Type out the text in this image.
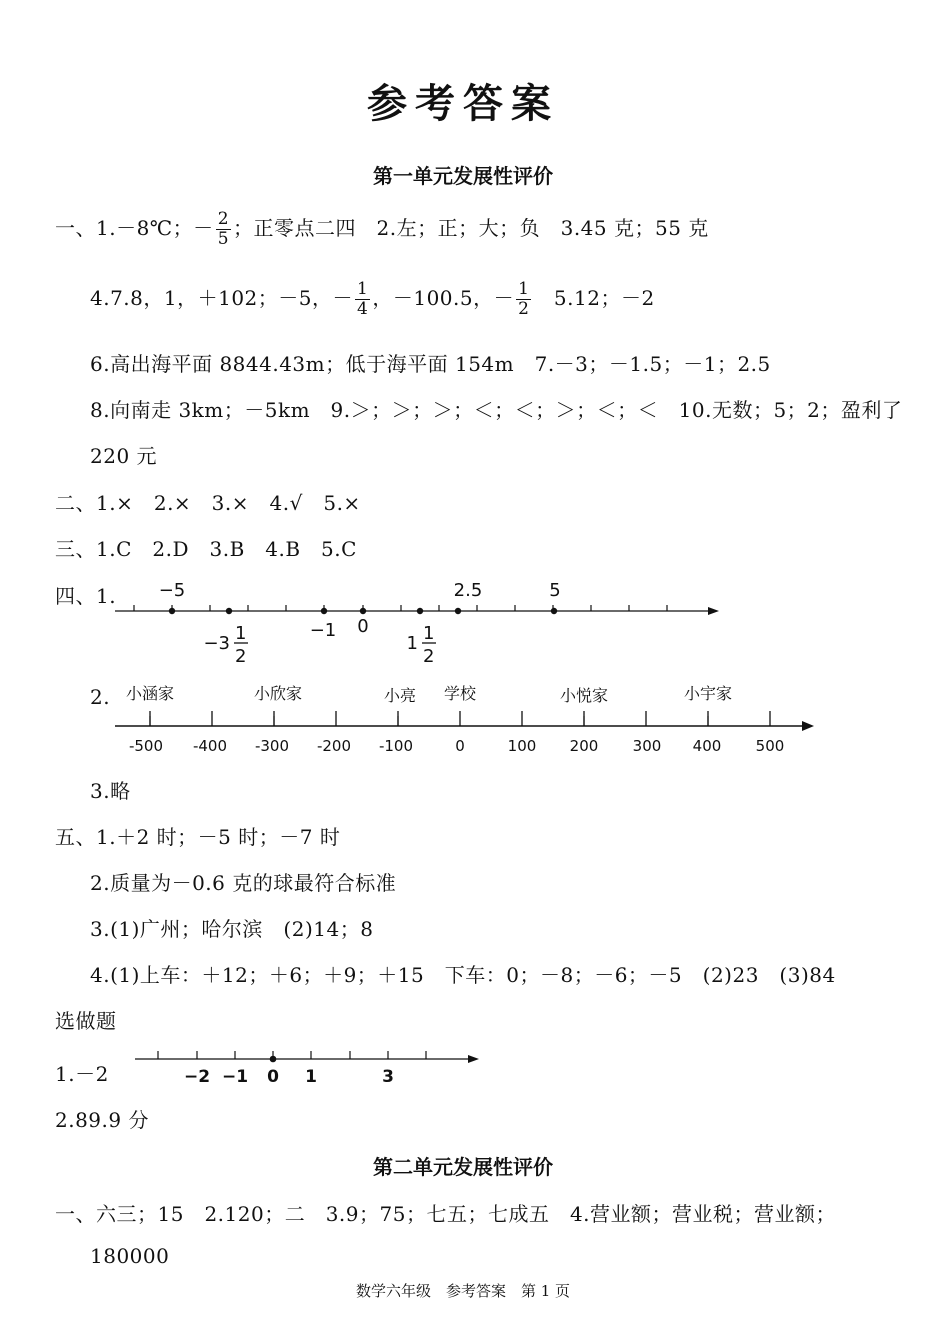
参考答案
第一单元发展性评价
一、1.－8℃；－ $\frac{2}{5}$ ；正零点二四　2.左；正；大；负　3.45 克；55 克
4.7.8，1，＋102；－5，－ $\frac{1}{4}$ ，－100.5，－ $\frac{1}{2}$ 　5.12；－2
6.高出海平面 8844.43m；低于海平面 154m　7.－3；－1.5；－1；2.5
8.向南走 3km；－5km　9.＞；＞；＞；＜；＜；＞；＜；＜　10.无数；5；2；盈利了
220 元
二、1.×　2.×　3.×　4.√　5.×
三、1.C　2.D　3.B　4.B　5.C
四、1. −5	2.5	5
−3 1
2
−1 0
1 1
2
2. 小涵家	小欣家	小亮 学校	小悦家	小宇家
-500 -400 -300 -200 -100	0	100 200 300 400 500
3.略
五、1.＋2 时；－5 时；－7 时
2.质量为－0.6 克的球最符合标准
3.(1)广州；哈尔滨　(2)14；8
4.(1)上车：＋12；＋6；＋9；＋15　下车：0；－8；－6；－5　(2)23　(3)84
选做题
1.－2	−2 −1 0 1	3
2.89.9 分
第二单元发展性评价
一、六三；15　2.120；二　3.9；75；七五；七成五　4.营业额；营业税；营业额；
180000
数学六年级　参考答案　第 1 页
